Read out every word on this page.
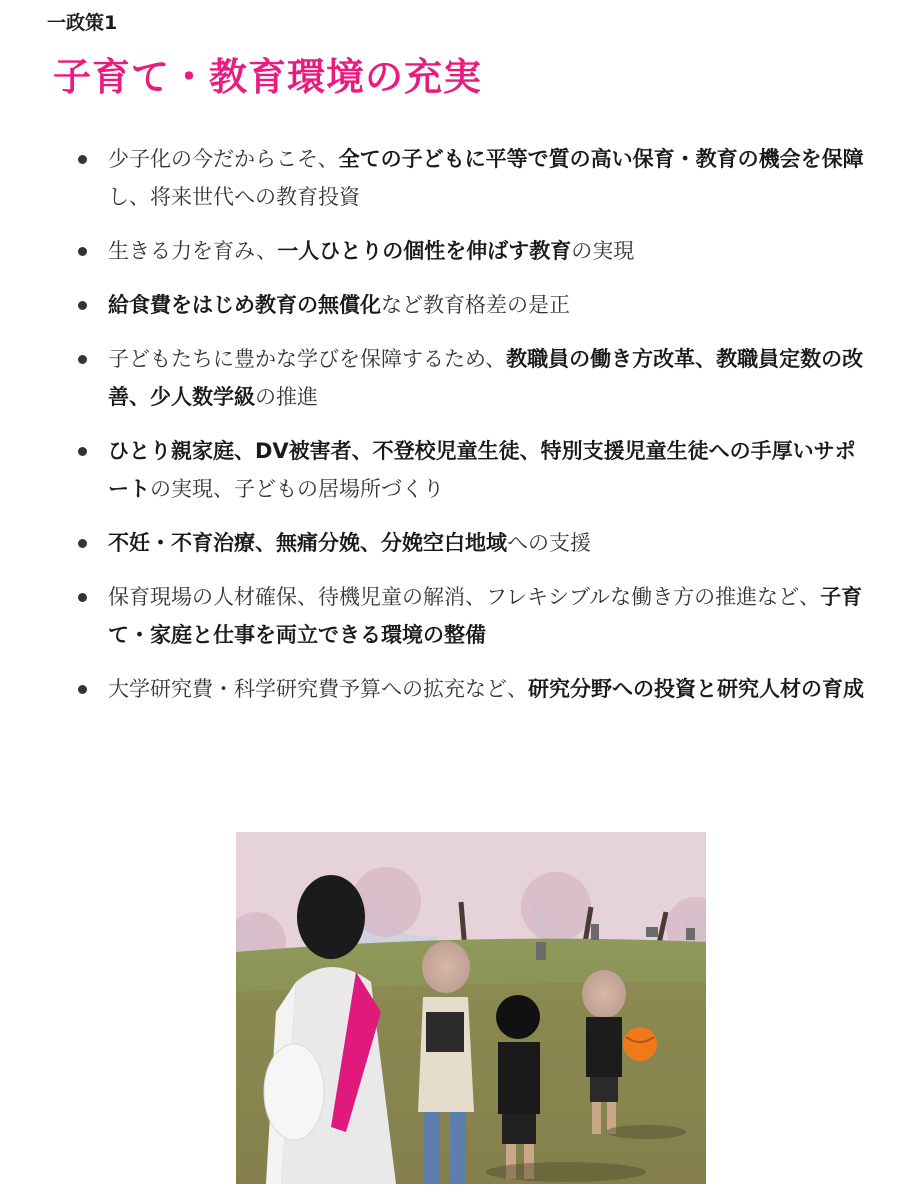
一政策1
子育て・教育環境の充実
少子化の今だからこそ、全ての子どもに平等で質の高い保育・教育の機会を保障し、将来世代への教育投資
生きる力を育み、一人ひとりの個性を伸ばす教育の実現
給食費をはじめ教育の無償化など教育格差の是正
子どもたちに豊かな学びを保障するため、教職員の働き方改革、教職員定数の改善、少人数学級の推進
ひとり親家庭、DV被害者、不登校児童生徒、特別支援児童生徒への手厚いサポートの実現、子どもの居場所づくり
不妊・不育治療、無痛分娩、分娩空白地域への支援
保育現場の人材確保、待機児童の解消、フレキシブルな働き方の推進など、子育て・家庭と仕事を両立できる環境の整備
大学研究費・科学研究費予算への拡充など、研究分野への投資と研究人材の育成
